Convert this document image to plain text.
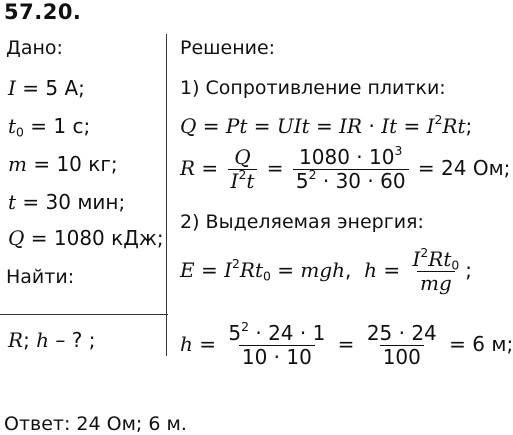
57.20.
Дано:
I = 5 А;
$t_0 = 1$ с;
m = 10 кг;
t = 30 мин;
Q = 1080 кДж;
Найти:
R; h – ? ;
Решение:
1) Сопротивление плитки:
Q = Pt = UIt = IR · $It = I^2Rt$;
$R = \frac{Q}{I^2t} = \frac{1080 \cdot 10^3}{5^2 \cdot 30 \cdot 60} = 24$ Ом;
2) Выделяемая энергия:
$E = I^2Rt_0$ = mgh,  $h = \frac{I^2Rt_0}{mg}$ ;
$h = \frac{5^2 \cdot 24 \cdot 1}{10 \cdot 10} = \frac{25 \cdot 24}{100} = 6$ м;
Ответ: 24 Ом; 6 м.
